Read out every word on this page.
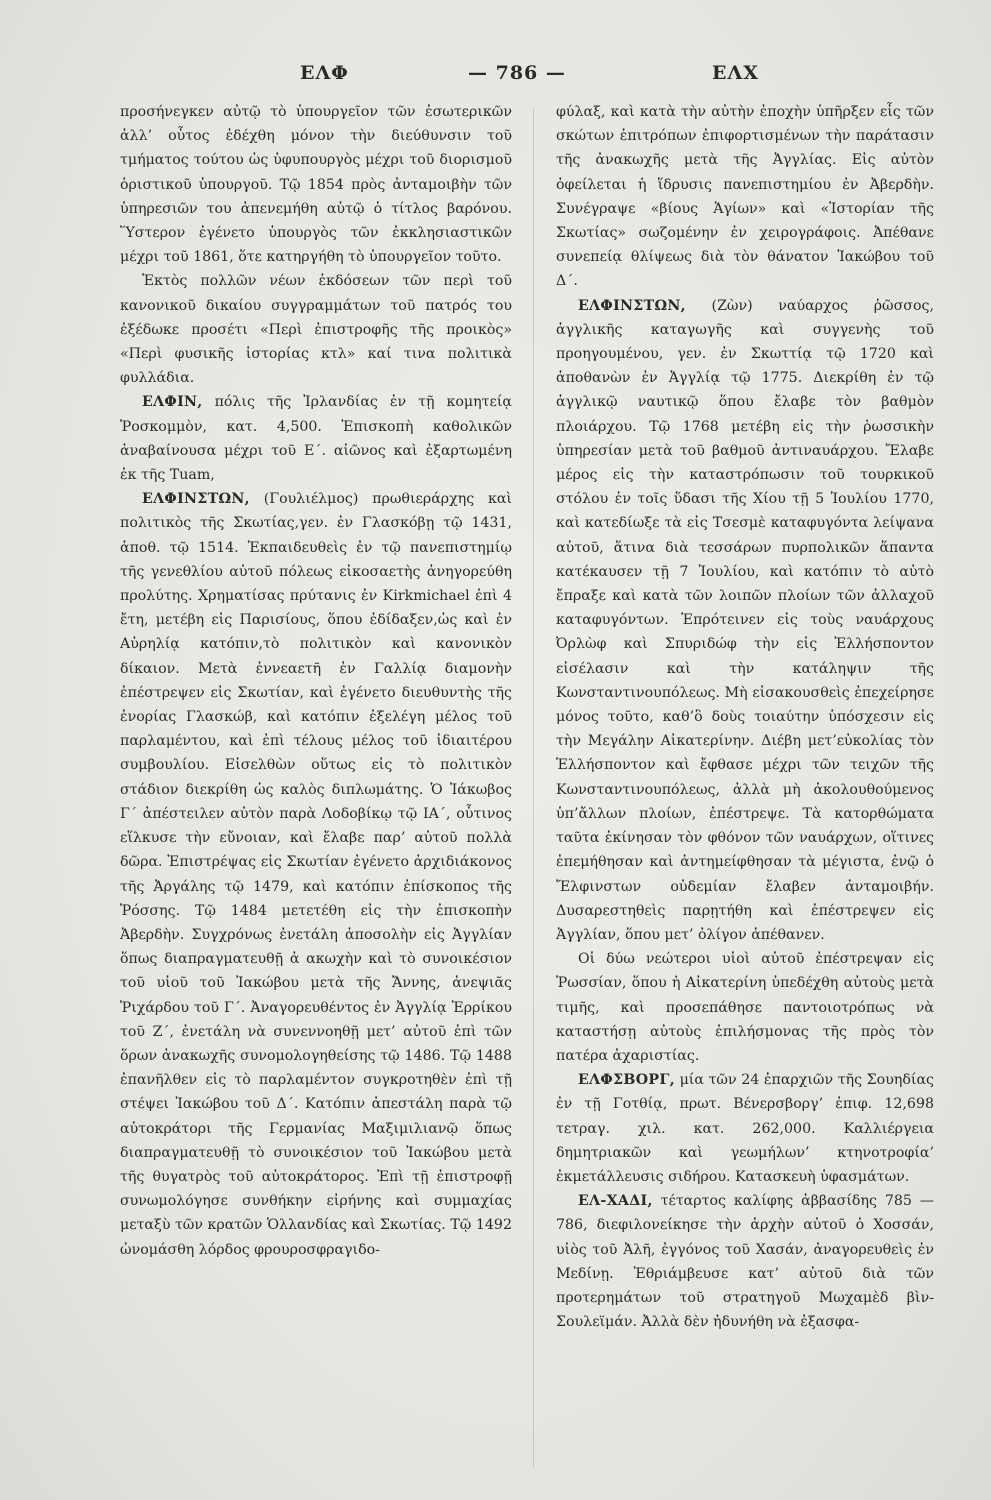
ΕΛΦ	— 786 —	ΕΛΧ

προσήνεγκεν αὐτῷ τὸ ὑπουργεῖον τῶν ἐσωτερικῶν ἀλλ’ οὗτος ἐδέχθη μόνον τὴν διεύθυνσιν τοῦ τμήματος τούτου ὡς ὑφυπουργὸς μέχρι τοῦ διορισμοῦ ὁριστικοῦ ὑπουργοῦ. Τῷ 1854 πρὸς ἀνταμοιβὴν τῶν ὑπηρεσιῶν του ἀπενεμήθη αὐτῷ ὁ τίτλος βαρόνου. Ὕστερον ἐγένετο ὑπουργὸς τῶν ἐκκλησιαστικῶν μέχρι τοῦ 1861, ὅτε κατηργήθη τὸ ὑπουργεῖον τοῦτο.

Ἐκτὸς πολλῶν νέων ἐκδόσεων τῶν περὶ τοῦ κανονικοῦ δικαίου συγγραμμάτων τοῦ πατρός του ἐξέδωκε προσέτι «Περὶ ἐπιστροφῆς τῆς προικὸς» «Περὶ φυσικῆς ἱστορίας κτλ» καί τινα πολιτικὰ φυλλάδια.

ΕΛΦΙΝ, πόλις τῆς Ἰρλανδίας ἐν τῇ κομητείᾳ Ῥοσκομμὸν, κατ. 4,500. Ἐπισκοπὴ καθολικῶν ἀναβαίνουσα μέχρι τοῦ Ε΄. αἰῶνος καὶ ἐξαρτωμένη ἐκ τῆς Tuam,

ΕΛΦΙΝΣΤΩΝ, (Γουλιέλμος) πρωθιεράρχης καὶ πολιτικὸς τῆς Σκωτίας,γεν. ἐν Γλασκόβῃ τῷ 1431, ἀποθ. τῷ 1514. Ἐκπαιδευθεὶς ἐν τῷ πανεπιστημίῳ τῆς γενεθλίου αὐτοῦ πόλεως εἰκοσαετὴς ἀνηγορεύθη προλύτης. Χρηματίσας πρύτανις ἐν Kirkmichael ἐπὶ 4 ἔτη, μετέβη εἰς Παρισίους, ὅπου ἐδίδαξεν,ὡς καὶ ἐν Αὐρηλίᾳ κατόπιν,τὸ πολιτικὸν καὶ κανονικὸν δίκαιον. Μετὰ ἐννεαετῆ ἐν Γαλλίᾳ διαμονὴν ἐπέστρεψεν εἰς Σκωτίαν, καὶ ἐγένετο διευθυντὴς τῆς ἐνορίας Γλασκώβ, καὶ κατόπιν ἐξελέγη μέλος τοῦ παρλαμέντου, καὶ ἐπὶ τέλους μέλος τοῦ ἰδιαιτέρου συμβουλίου. Εἰσελθὼν οὕτως εἰς τὸ πολιτικὸν στάδιον διεκρίθη ὡς καλὸς διπλωμάτης. Ὁ Ἰάκωβος Γ΄ ἀπέστειλεν αὐτὸν παρὰ Λοδοβίκῳ τῷ ΙΑ΄, οὗτινος εἵλκυσε τὴν εὔνοιαν, καὶ ἔλαβε παρ’ αὐτοῦ πολλὰ δῶρα. Ἐπιστρέψας εἰς Σκωτίαν ἐγένετο ἀρχιδιάκονος τῆς Ἀργάλης τῷ 1479, καὶ κατόπιν ἐπίσκοπος τῆς Ῥόσσης. Τῷ 1484 μετετέθη εἰς τὴν ἐπισκοπὴν Ἀβερδὴν. Συγχρόνως ἐνετάλη ἀποσολὴν εἰς Ἀγγλίαν ὅπως διαπραγματευθῇ ἀ ακωχὴν καὶ τὸ συνοικέσιον τοῦ υἱοῦ τοῦ Ἰακώβου μετὰ τῆς Ἄννης, ἀνεψιᾶς Ῥιχάρδου τοῦ Γ΄. Ἀναγορευθέντος ἐν Ἀγγλίᾳ Ἐρρίκου τοῦ Ζ΄, ἐνετάλη νὰ συνεννοηθῇ μετ’ αὐτοῦ ἐπὶ τῶν ὅρων ἀνακωχῆς συνομολογηθείσης τῷ 1486. Τῷ 1488 ἐπανῆλθεν εἰς τὸ παρλαμέντον συγκροτηθὲν ἐπὶ τῇ στέψει Ἰακώβου τοῦ Δ΄. Κατόπιν ἀπεστάλη παρὰ τῷ αὐτοκράτορι τῆς Γερμανίας Μαξιμιλιανῷ ὅπως διαπραγματευθῇ τὸ συνοικέσιον τοῦ Ἰακώβου μετὰ τῆς θυγατρὸς τοῦ αὐτοκράτορος. Ἐπὶ τῇ ἐπιστροφῇ συνωμολόγησε συνθήκην εἰρήνης καὶ συμμαχίας μεταξὺ τῶν κρατῶν Ὁλλανδίας καὶ Σκωτίας. Τῷ 1492 ὠνομάσθη λόρδος φρουροσφραγιδο-

φύλαξ, καὶ κατὰ τὴν αὐτὴν ἐποχὴν ὑπῆρξεν εἷς τῶν σκώτων ἐπιτρόπων ἐπιφορτισμένων τὴν παράτασιν τῆς ἀνακωχῆς μετὰ τῆς Ἀγγλίας. Εἰς αὐτὸν ὀφείλεται ἡ ἵδρυσις πανεπιστημίου ἐν Ἀβερδὴν. Συνέγραψε «βίους Ἁγίων» καὶ «Ἱστορίαν τῆς Σκωτίας» σωζομένην ἐν χειρογράφοις. Ἀπέθανε συνεπείᾳ θλίψεως διὰ τὸν θάνατον Ἰακώβου τοῦ Δ΄.

ΕΛΦΙΝΣΤΩΝ, (Ζὼν) ναύαρχος ῥῶσσος, ἀγγλικῆς καταγωγῆς καὶ συγγενὴς τοῦ προηγουμένου, γεν. ἐν Σκωττίᾳ τῷ 1720 καὶ ἀποθανὼν ἐν Ἀγγλίᾳ τῷ 1775. Διεκρίθη ἐν τῷ ἀγγλικῷ ναυτικῷ ὅπου ἔλαβε τὸν βαθμὸν πλοιάρχου. Τῷ 1768 μετέβη εἰς τὴν ῥωσσικὴν ὑπηρεσίαν μετὰ τοῦ βαθμοῦ ἀντιναυάρχου. Ἔλαβε μέρος εἰς τὴν καταστρόπωσιν τοῦ τουρκικοῦ στόλου ἐν τοῖς ὕδασι τῆς Χίου τῇ 5 Ἰουλίου 1770, καὶ κατεδίωξε τὰ εἰς Τσεσμὲ καταφυγόντα λείψανα αὐτοῦ, ἅτινα διὰ τεσσάρων πυρπολικῶν ἅπαντα κατέκαυσεν τῇ 7 Ἰουλίου, καὶ κατόπιν τὸ αὐτὸ ἔπραξε καὶ κατὰ τῶν λοιπῶν πλοίων τῶν ἀλλαχοῦ καταφυγόντων. Ἐπρότεινεν εἰς τοὺς ναυάρχους Ὀρλὼφ καὶ Σπυριδώφ τὴν εἰς Ἑλλήσποντον εἰσέλασιν καὶ τὴν κατάληψιν τῆς Κωνσταντινουπόλεως. Μὴ εἰσακουσθεὶς ἐπεχείρησε μόνος τοῦτο, καθ’ὃ δοὺς τοιαύτην ὑπόσχεσιν εἰς τὴν Μεγάλην Αἰκατερίνην. Διέβη μετ’εὐκολίας τὸν Ἑλλήσποντον καὶ ἔφθασε μέχρι τῶν τειχῶν τῆς Κωνσταντινουπόλεως, ἀλλὰ μὴ ἀκολουθούμενος ὑπ’ἄλλων πλοίων, ἐπέστρεψε. Τὰ κατορθώματα ταῦτα ἐκίνησαν τὸν φθόνον τῶν ναυάρχων, οἵτινες ἐπεμήθησαν καὶ ἀντημείφθησαν τὰ μέγιστα, ἐνῷ ὁ Ἔλφινστων οὐδεμίαν ἔλαβεν ἀνταμοιβήν. Δυσαρεστηθεὶς παρῃτήθη καὶ ἐπέστρεψεν εἰς Ἀγγλίαν, ὅπου μετ’ ὀλίγον ἀπέθανεν.

Οἱ δύω νεώτεροι υἱοὶ αὐτοῦ ἐπέστρεψαν εἰς Ῥωσσίαν, ὅπου ἡ Αἰκατερίνη ὑπεδέχθη αὐτοὺς μετὰ τιμῆς, καὶ προσεπάθησε παντοιοτρόπως νὰ καταστήσῃ αὐτοὺς ἐπιλήσμονας τῆς πρὸς τὸν πατέρα ἀχαριστίας.

ΕΛΦΣΒΟΡΓ, μία τῶν 24 ἐπαρχιῶν τῆς Σουηδίας ἐν τῇ Γοτθίᾳ, πρωτ. Βένερσβοργ’ ἐπιφ. 12,698 τετραγ. χιλ. κατ. 262,000. Καλλιέργεια δημητριακῶν καὶ γεωμήλων’ κτηνοτροφία’ ἐκμετάλλευσις σιδήρου. Κατασκευὴ ὑφασμάτων.

ΕΛ-ΧΑΔΙ, τέταρτος καλίφης ἀββασίδης 785 —786, διεφιλονείκησε τὴν ἀρχὴν αὐτοῦ ὁ Χοσσάν, υἱὸς τοῦ Ἀλῆ, ἐγγόνος τοῦ Χασάν, ἀναγορευθεὶς ἐν Μεδίνῃ. Ἐθριάμβευσε κατ’ αὐτοῦ διὰ τῶν προτερημάτων τοῦ στρατηγοῦ Μωχαμὲδ βὶν-Σουλεϊμάν. Ἀλλὰ δὲν ἠδυνήθη νὰ ἐξασφα-
